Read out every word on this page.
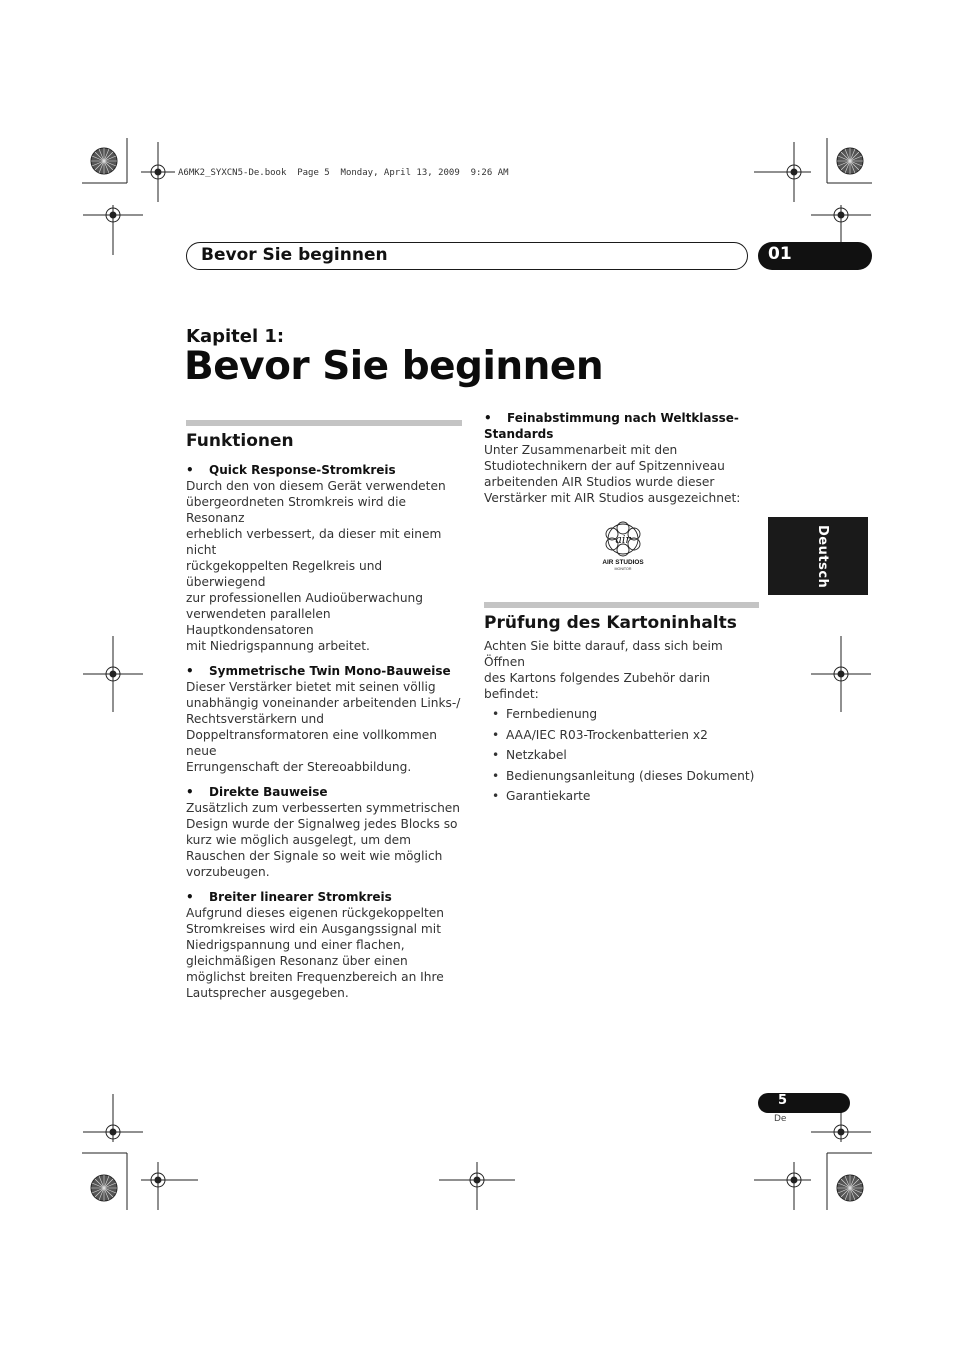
A6MK2_SYXCN5-De.book  Page 5  Monday, April 13, 2009  9:26 AM
Bevor Sie beginnen	01
Kapitel 1:
Bevor Sie beginnen
Deutsch
Funktionen
•	Quick Response-Stromkreis
Durch den von diesem Gerät verwendeten
übergeordneten Stromkreis wird die Resonanz
erheblich verbessert, da dieser mit einem nicht
rückgekoppelten Regelkreis und überwiegend
zur professionellen Audioüberwachung
verwendeten parallelen Hauptkondensatoren
mit Niedrigspannung arbeitet.
•	Symmetrische Twin Mono-Bauweise
Dieser Verstärker bietet mit seinen völlig
unabhängig voneinander arbeitenden Links-/
Rechtsverstärkern und
Doppeltransformatoren eine vollkommen neue
Errungenschaft der Stereoabbildung.
•	Direkte Bauweise
Zusätzlich zum verbesserten symmetrischen
Design wurde der Signalweg jedes Blocks so
kurz wie möglich ausgelegt, um dem
Rauschen der Signale so weit wie möglich
vorzubeugen.
•	Breiter linearer Stromkreis
Aufgrund dieses eigenen rückgekoppelten
Stromkreises wird ein Ausgangssignal mit
Niedrigspannung und einer flachen,
gleichmäßigen Resonanz über einen
möglichst breiten Frequenzbereich an Ihre
Lautsprecher ausgegeben.
•	Feinabstimmung nach Weltklasse-
Standards
Unter Zusammenarbeit mit den
Studiotechnikern der auf Spitzenniveau
arbeitenden AIR Studios wurde dieser
Verstärker mit AIR Studios ausgezeichnet:
Prüfung des Kartoninhalts
Achten Sie bitte darauf, dass sich beim Öffnen
des Kartons folgendes Zubehör darin befindet:
• Fernbedienung
• AAA/IEC R03-Trockenbatterien x2
• Netzkabel
• Bedienungsanleitung (dieses Dokument)
• Garantiekarte
air
AIR STUDIOS
MONITOR
5
De
